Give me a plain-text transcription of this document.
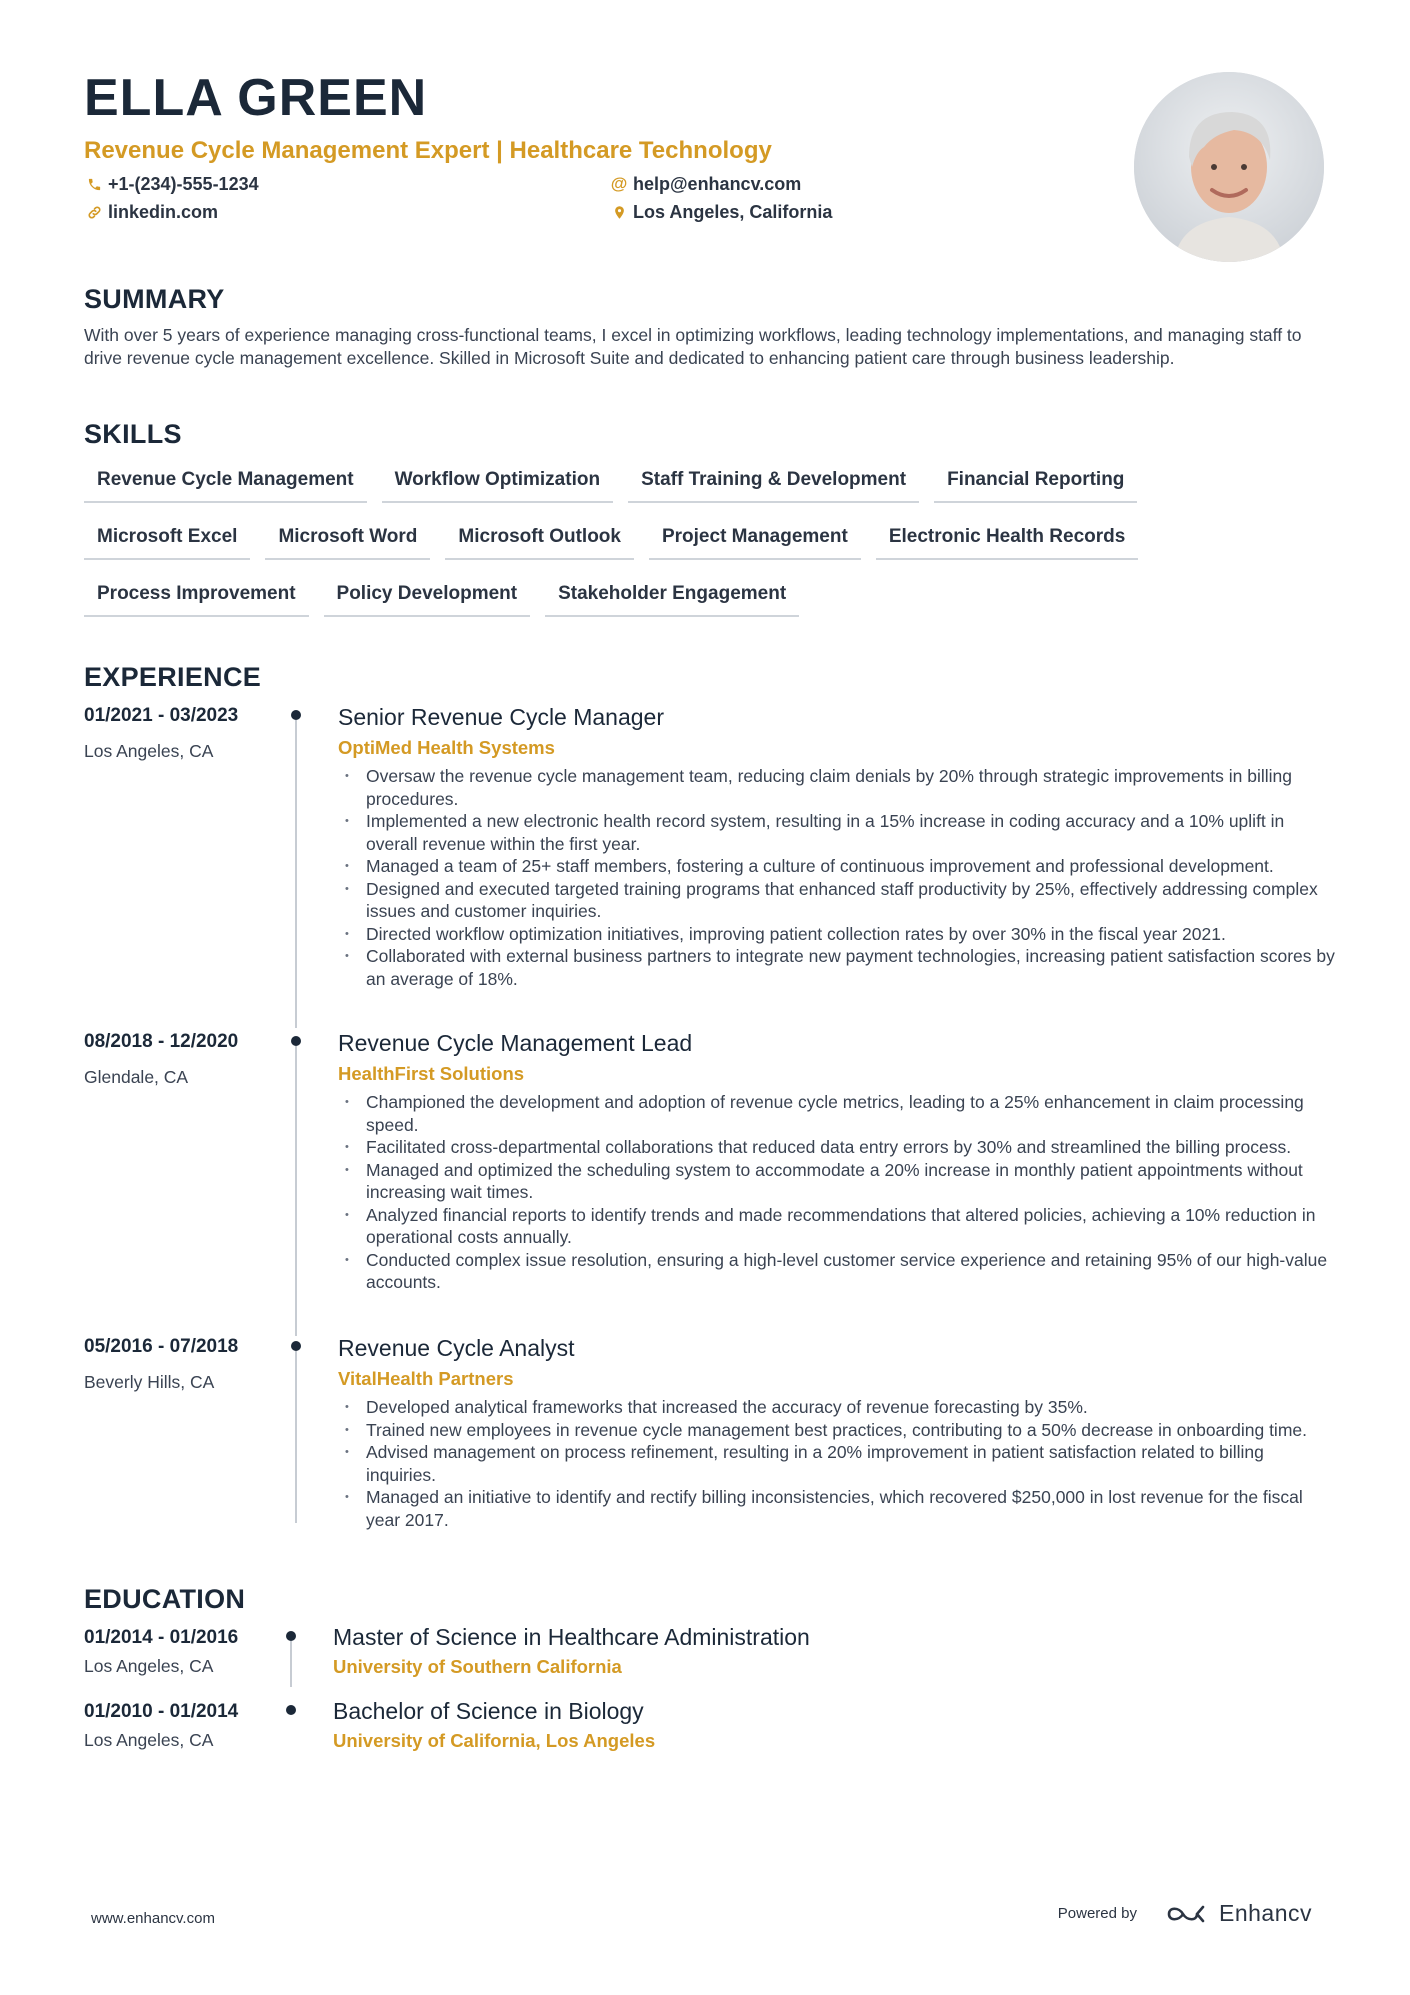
ELLA GREEN
Revenue Cycle Management Expert | Healthcare Technology
+1-(234)-555-1234	@ help@enhancv.com
linkedin.com	Los Angeles, California
SUMMARY
With over 5 years of experience managing cross-functional teams, I excel in optimizing workflows, leading technology implementations, and managing staff to drive revenue cycle management excellence. Skilled in Microsoft Suite and dedicated to enhancing patient care through business leadership.
SKILLS
Revenue Cycle Management	Workflow Optimization	Staff Training & Development	Financial Reporting
Microsoft Excel	Microsoft Word	Microsoft Outlook	Project Management	Electronic Health Records
Process Improvement	Policy Development	Stakeholder Engagement
EXPERIENCE
01/2021 - 03/2023
Los Angeles, CA
Senior Revenue Cycle Manager
OptiMed Health Systems
• Oversaw the revenue cycle management team, reducing claim denials by 20% through strategic improvements in billing procedures.
• Implemented a new electronic health record system, resulting in a 15% increase in coding accuracy and a 10% uplift in overall revenue within the first year.
• Managed a team of 25+ staff members, fostering a culture of continuous improvement and professional development.
• Designed and executed targeted training programs that enhanced staff productivity by 25%, effectively addressing complex issues and customer inquiries.
• Directed workflow optimization initiatives, improving patient collection rates by over 30% in the fiscal year 2021.
• Collaborated with external business partners to integrate new payment technologies, increasing patient satisfaction scores by an average of 18%.
08/2018 - 12/2020
Glendale, CA
Revenue Cycle Management Lead
HealthFirst Solutions
• Championed the development and adoption of revenue cycle metrics, leading to a 25% enhancement in claim processing speed.
• Facilitated cross-departmental collaborations that reduced data entry errors by 30% and streamlined the billing process.
• Managed and optimized the scheduling system to accommodate a 20% increase in monthly patient appointments without increasing wait times.
• Analyzed financial reports to identify trends and made recommendations that altered policies, achieving a 10% reduction in operational costs annually.
• Conducted complex issue resolution, ensuring a high-level customer service experience and retaining 95% of our high-value accounts.
05/2016 - 07/2018
Beverly Hills, CA
Revenue Cycle Analyst
VitalHealth Partners
• Developed analytical frameworks that increased the accuracy of revenue forecasting by 35%.
• Trained new employees in revenue cycle management best practices, contributing to a 50% decrease in onboarding time.
• Advised management on process refinement, resulting in a 20% improvement in patient satisfaction related to billing inquiries.
• Managed an initiative to identify and rectify billing inconsistencies, which recovered $250,000 in lost revenue for the fiscal year 2017.
EDUCATION
01/2014 - 01/2016
Los Angeles, CA
Master of Science in Healthcare Administration
University of Southern California
01/2010 - 01/2014
Los Angeles, CA
Bachelor of Science in Biology
University of California, Los Angeles
www.enhancv.com	Powered by	Enhancv
